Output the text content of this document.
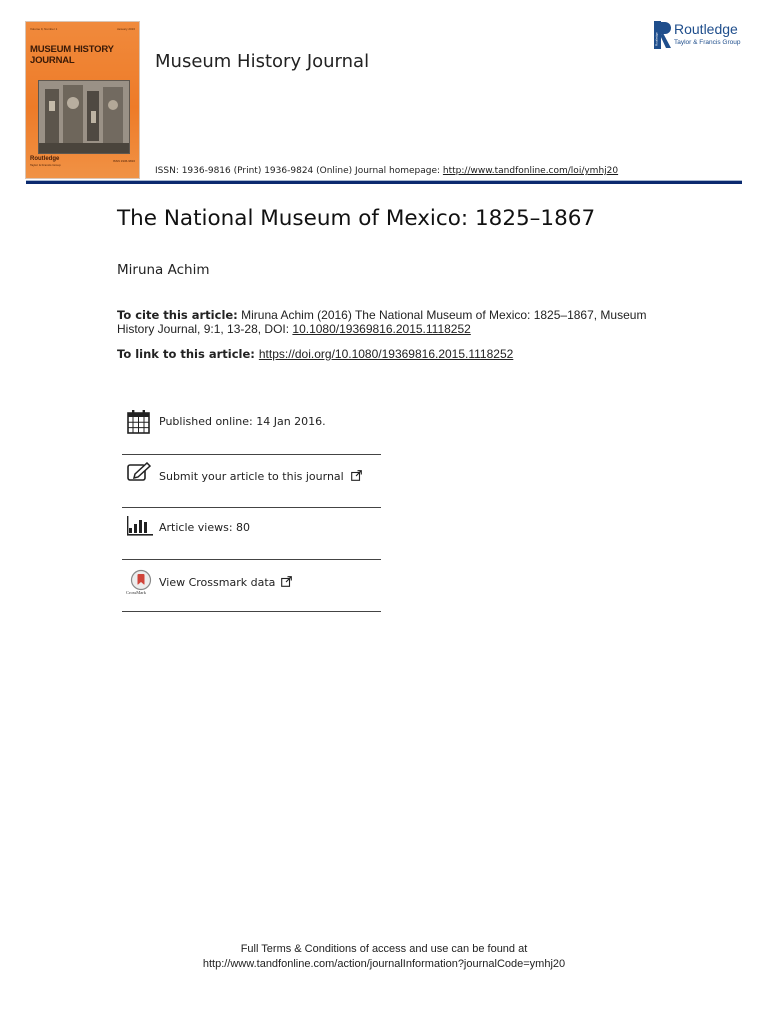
Volume 9, Number 1	January 2016
MUSEUM HISTORY JOURNAL
Routledge
Taylor & Francis Group
ISSN 1936-9816
Museum History Journal
Routledge
Routledge
Taylor & Francis Group
ISSN: 1936-9816 (Print) 1936-9824 (Online) Journal homepage: http://www.tandfonline.com/loi/ymhj20
The National Museum of Mexico: 1825–1867
Miruna Achim
To cite this article: Miruna Achim (2016) The National Museum of Mexico: 1825–1867, Museum History Journal, 9:1, 13-28, DOI: 10.1080/19369816.2015.1118252
To link to this article: https://doi.org/10.1080/19369816.2015.1118252
Published online: 14 Jan 2016.
Submit your article to this journal
Article views: 80
CrossMark
View Crossmark data
Full Terms & Conditions of access and use can be found at
http://www.tandfonline.com/action/journalInformation?journalCode=ymhj20
